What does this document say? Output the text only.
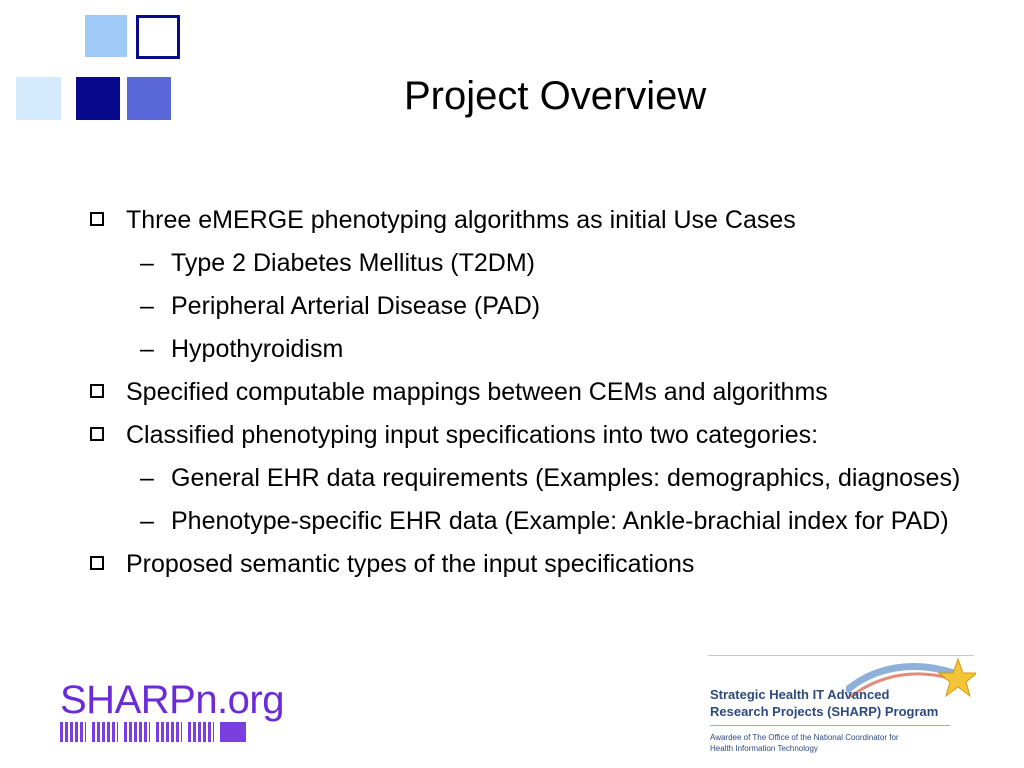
Project Overview
Three eMERGE phenotyping algorithms as initial Use Cases
– Type 2 Diabetes Mellitus (T2DM)
– Peripheral Arterial Disease (PAD)
– Hypothyroidism
Specified computable mappings between CEMs and algorithms
Classified phenotyping input specifications into two categories:
– General EHR data requirements (Examples: demographics, diagnoses)
– Phenotype-specific EHR data (Example: Ankle-brachial index for PAD)
Proposed semantic types of the input specifications
SHARPn.org	Strategic Health IT Advanced
Research Projects (SHARP) Program
Awardee of The Office of the National Coordinator for
Health Information Technology
